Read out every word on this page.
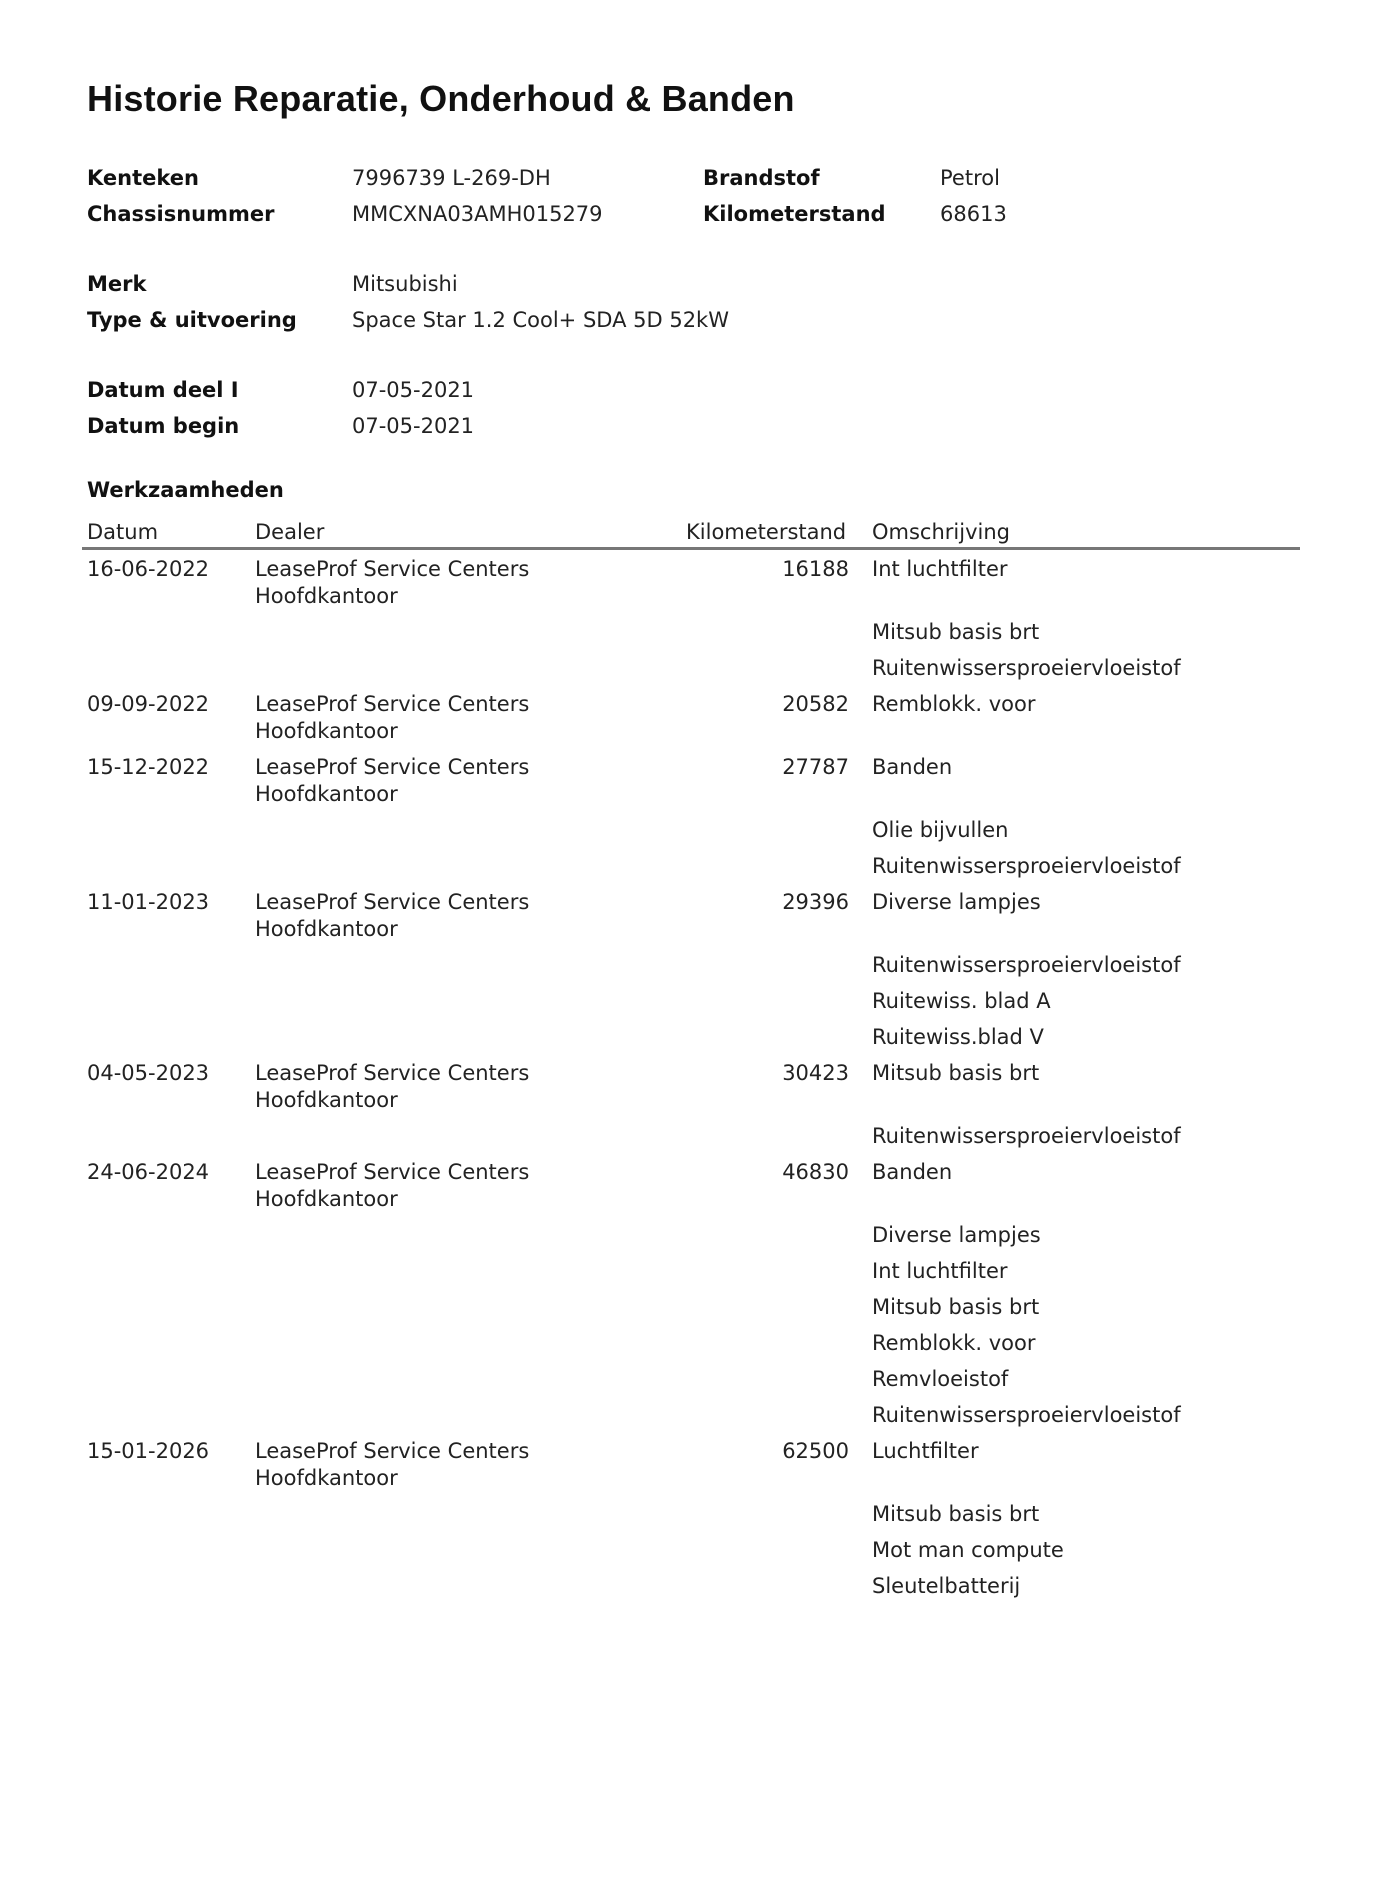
Historie Reparatie, Onderhoud & Banden
Kenteken	7996739 L-269-DH	Brandstof	Petrol
Chassisnummer	MMCXNA03AMH015279	Kilometerstand	68613
Merk	Mitsubishi
Type & uitvoering	Space Star 1.2 Cool+ SDA 5D 52kW
Datum deel I	07-05-2021
Datum begin	07-05-2021
Werkzaamheden
Datum	Dealer	Kilometerstand Omschrijving
16-06-2022 LeaseProf Service Centers
Hoofdkantoor
16188 Int luchtfilter
Mitsub basis brt
Ruitenwissersproeiervloeistof
09-09-2022 LeaseProf Service Centers
Hoofdkantoor
20582 Remblokk. voor
15-12-2022 LeaseProf Service Centers
Hoofdkantoor
27787 Banden
Olie bijvullen
Ruitenwissersproeiervloeistof
11-01-2023 LeaseProf Service Centers
Hoofdkantoor
29396 Diverse lampjes
Ruitenwissersproeiervloeistof
Ruitewiss. blad A
Ruitewiss.blad V
04-05-2023 LeaseProf Service Centers
Hoofdkantoor
30423 Mitsub basis brt
Ruitenwissersproeiervloeistof
24-06-2024 LeaseProf Service Centers
Hoofdkantoor
46830 Banden
Diverse lampjes
Int luchtfilter
Mitsub basis brt
Remblokk. voor
Remvloeistof
Ruitenwissersproeiervloeistof
15-01-2026 LeaseProf Service Centers
Hoofdkantoor
62500 Luchtfilter
Mitsub basis brt
Mot man compute
Sleutelbatterij
